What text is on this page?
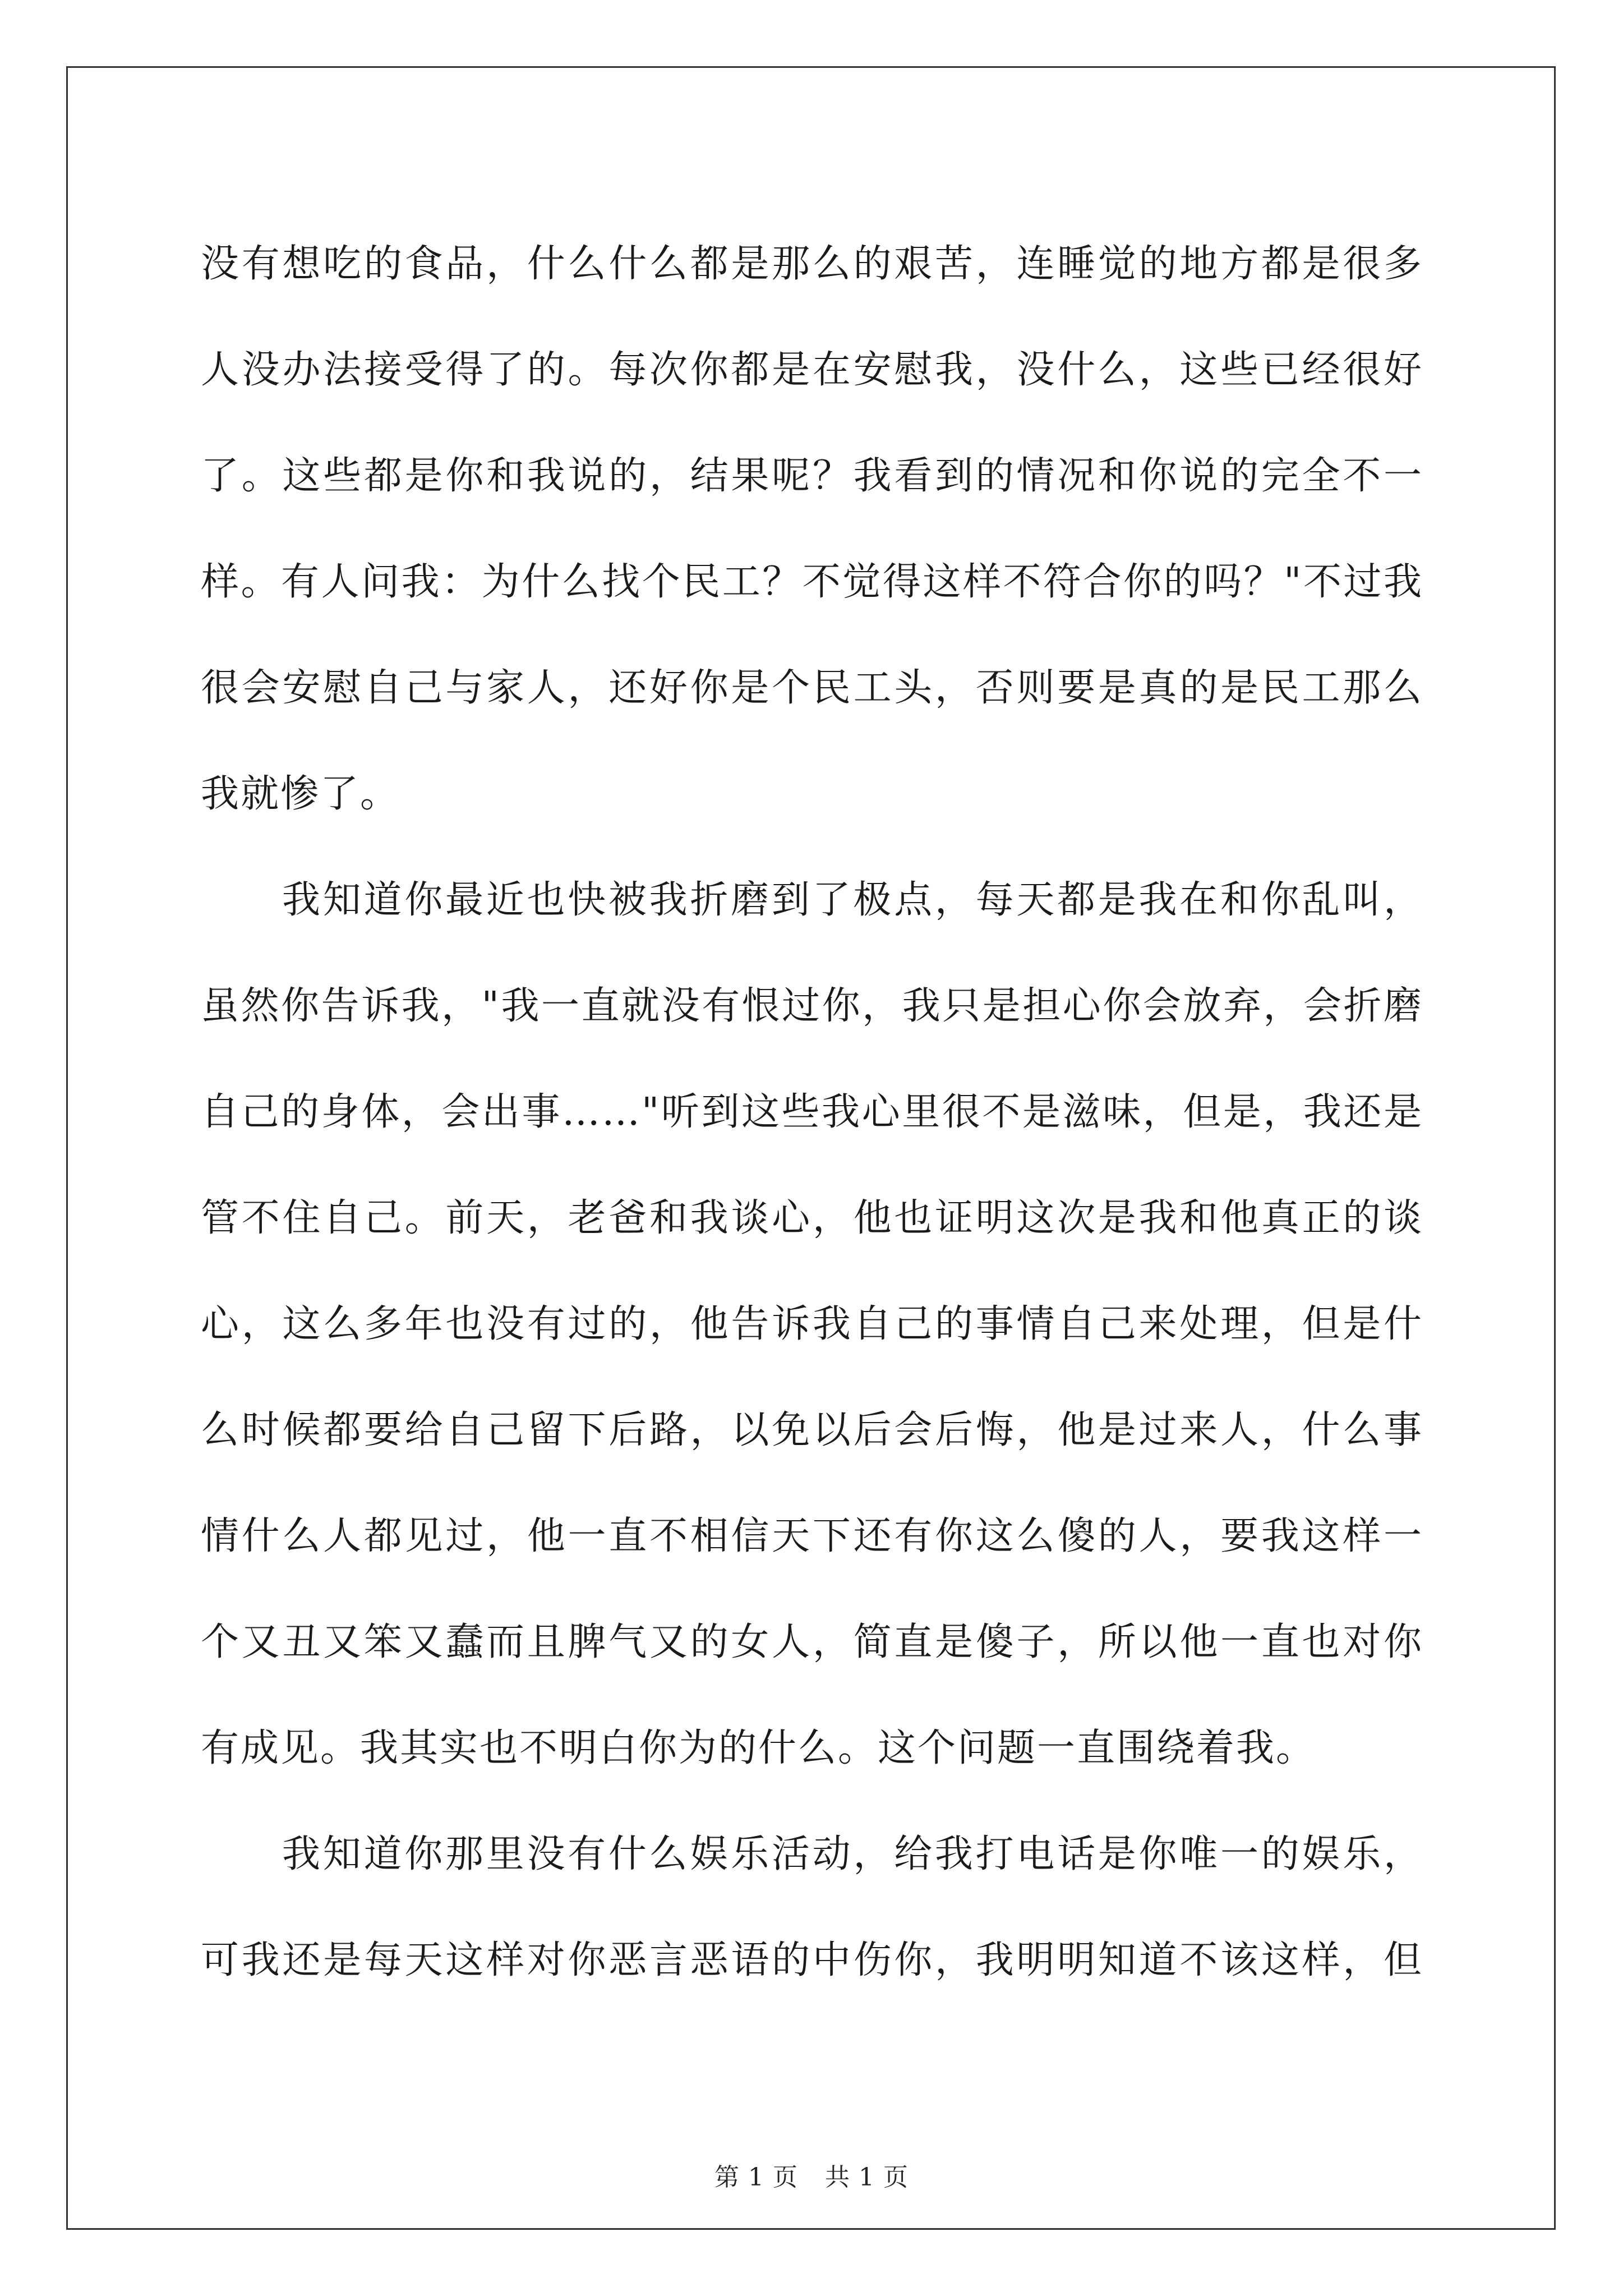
没有想吃的食品，什么什么都是那么的艰苦，连睡觉的地方都是很多
人没办法接受得了的。每次你都是在安慰我，没什么，这些已经很好
了。这些都是你和我说的，结果呢？我看到的情况和你说的完全不一
样。有人问我：为什么找个民工？不觉得这样不符合你的吗？"不过我
很会安慰自己与家人，还好你是个民工头，否则要是真的是民工那么
我就惨了。
我知道你最近也快被我折磨到了极点，每天都是我在和你乱叫，
虽然你告诉我，"我一直就没有恨过你，我只是担心你会放弃，会折磨
自己的身体，会出事……"听到这些我心里很不是滋味，但是，我还是
管不住自己。前天，老爸和我谈心，他也证明这次是我和他真正的谈
心，这么多年也没有过的，他告诉我自己的事情自己来处理，但是什
么时候都要给自己留下后路，以免以后会后悔，他是过来人，什么事
情什么人都见过，他一直不相信天下还有你这么傻的人，要我这样一
个又丑又笨又蠢而且脾气又的女人，简直是傻子，所以他一直也对你
有成见。我其实也不明白你为的什么。这个问题一直围绕着我。
我知道你那里没有什么娱乐活动，给我打电话是你唯一的娱乐，
可我还是每天这样对你恶言恶语的中伤你，我明明知道不该这样，但
第 1 页 共 1 页
